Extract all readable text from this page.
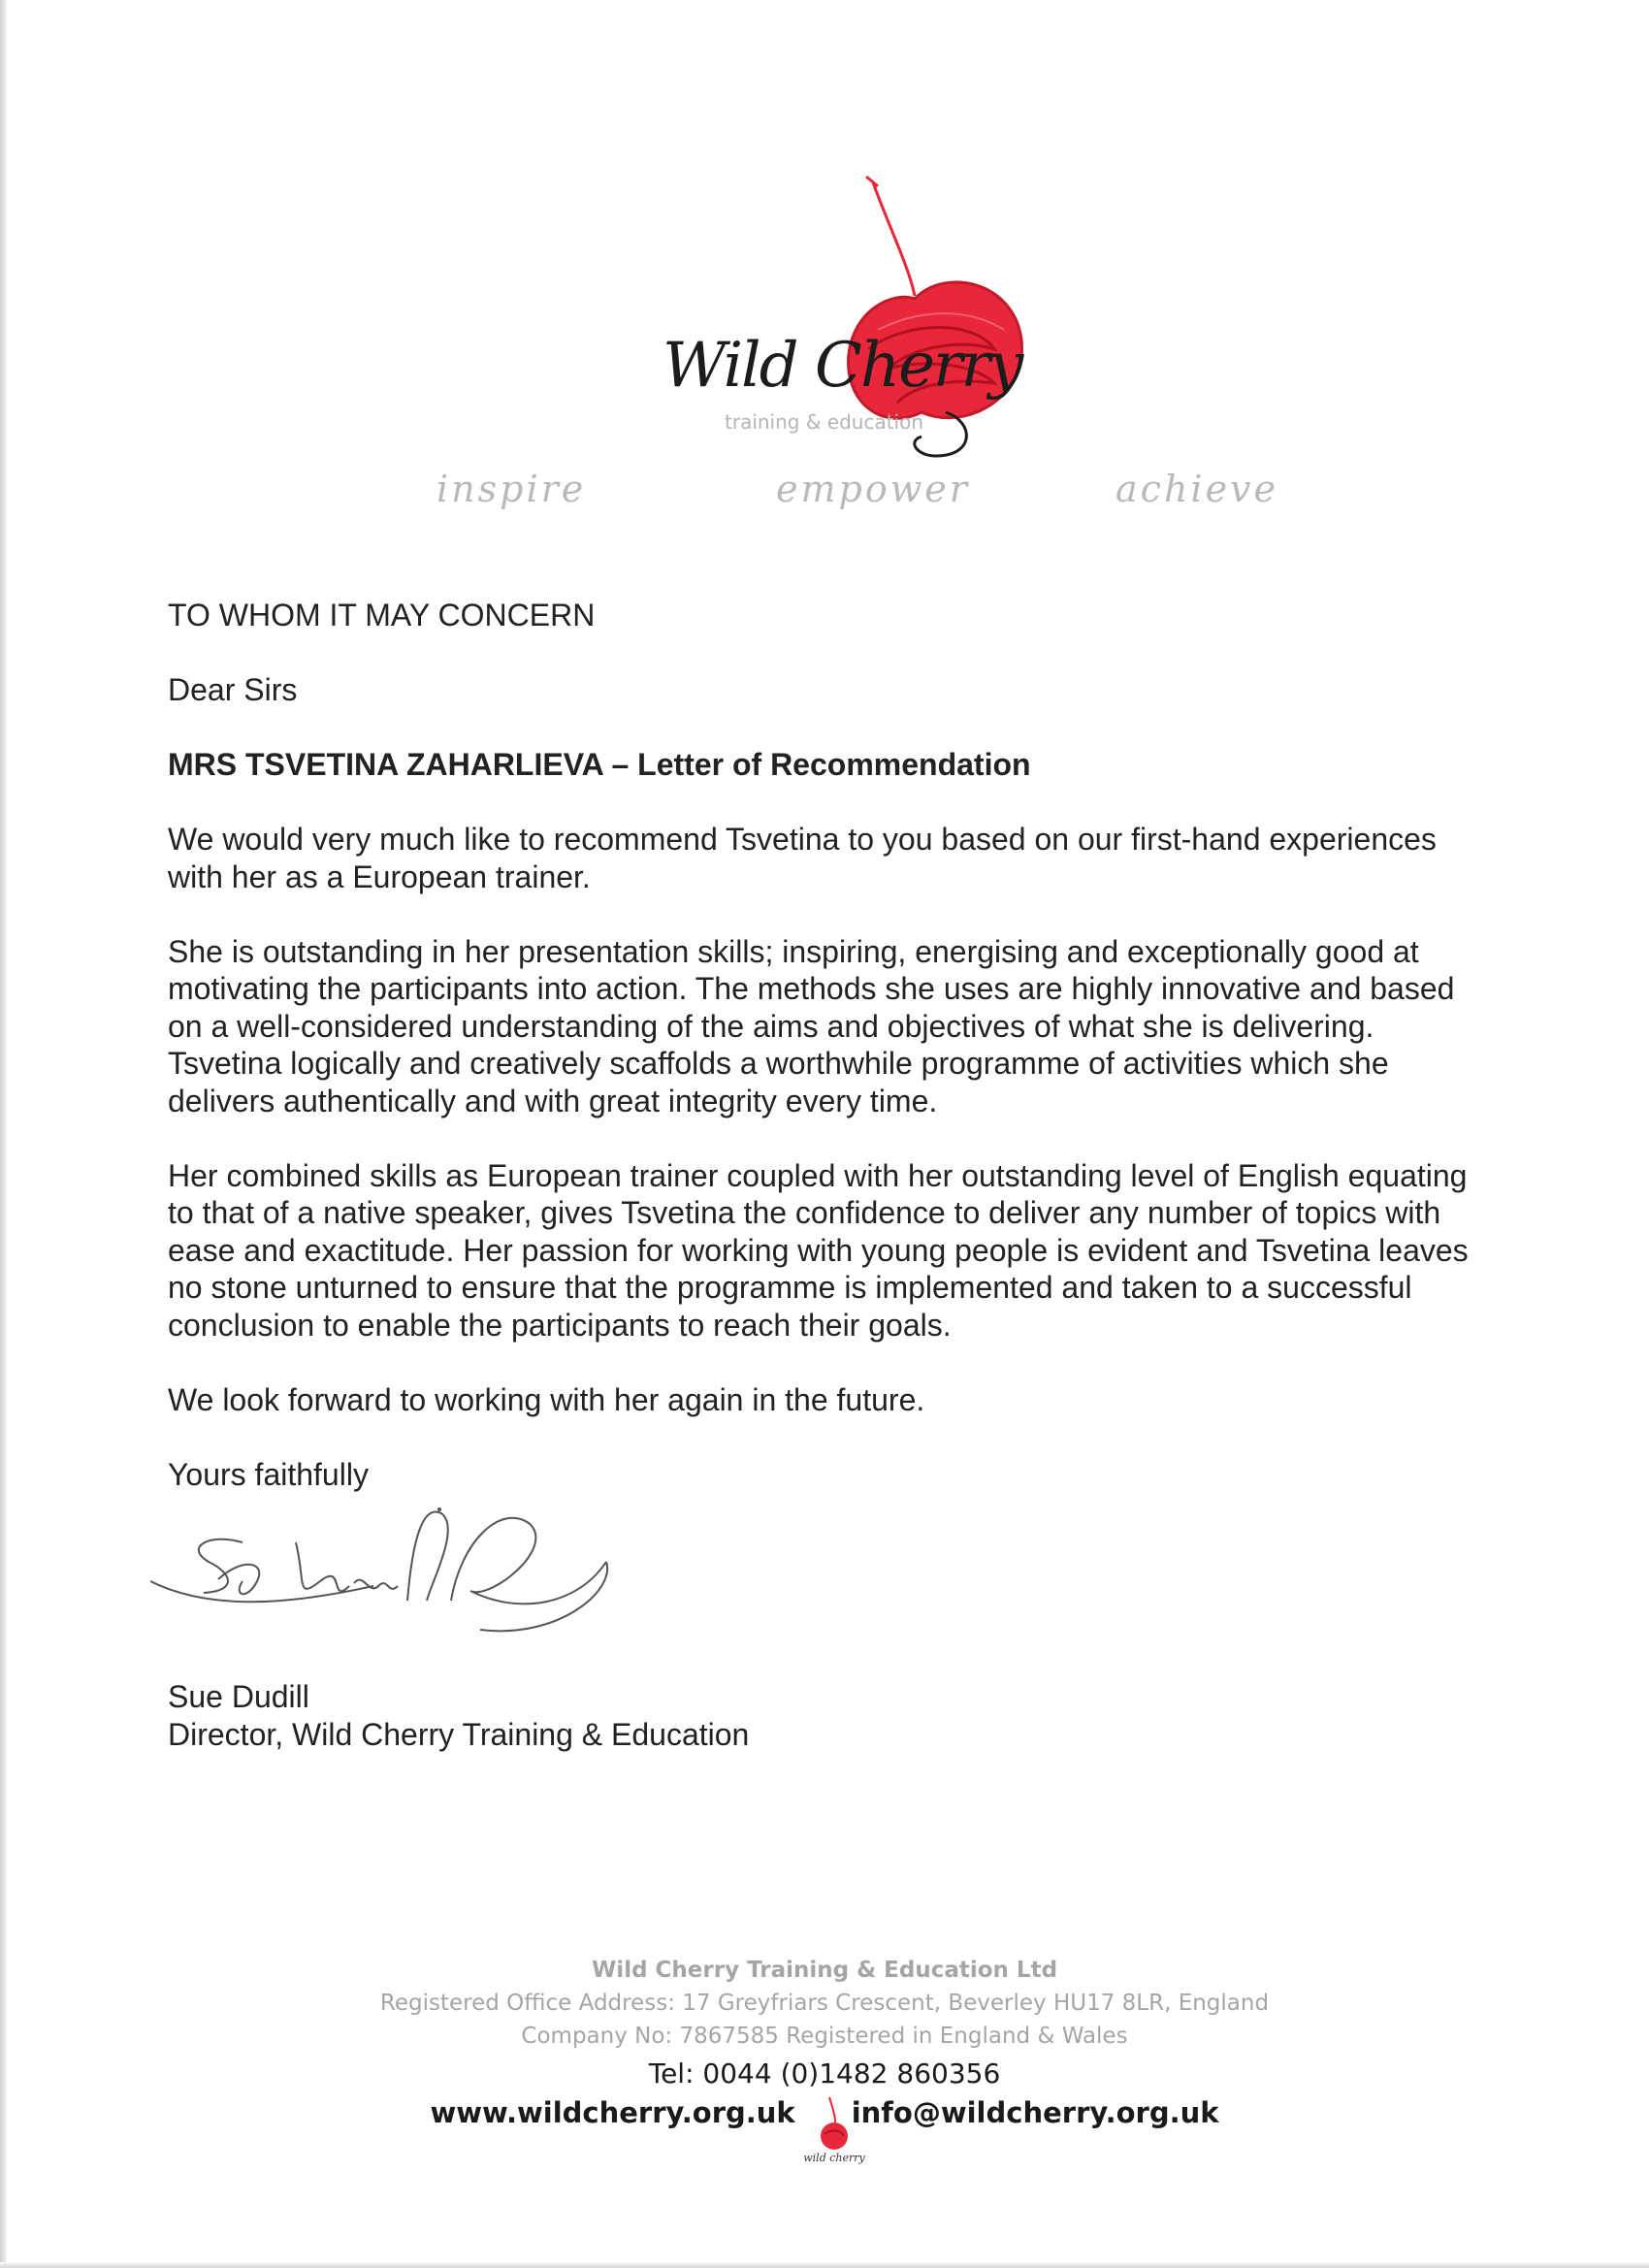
Wild Cherry
training & education
inspire	empower	achieve

TO WHOM IT MAY CONCERN

Dear Sirs

MRS TSVETINA ZAHARLIEVA – Letter of Recommendation

We would very much like to recommend Tsvetina to you based on our first-hand experiences

with her as a European trainer.

She is outstanding in her presentation skills; inspiring, energising and exceptionally good at

motivating the participants into action. The methods she uses are highly innovative and based

on a well-considered understanding of the aims and objectives of what she is delivering.

Tsvetina logically and creatively scaffolds a worthwhile programme of activities which she

delivers authentically and with great integrity every time.

Her combined skills as European trainer coupled with her outstanding level of English equating

to that of a native speaker, gives Tsvetina the confidence to deliver any number of topics with

ease and exactitude. Her passion for working with young people is evident and Tsvetina leaves

no stone unturned to ensure that the programme is implemented and taken to a successful

conclusion to enable the participants to reach their goals.

We look forward to working with her again in the future.

Yours faithfully

Sue Dudill
Director, Wild Cherry Training & Education
Wild Cherry Training & Education Ltd
Registered Office Address: 17 Greyfriars Crescent, Beverley HU17 8LR, England
Company No: 7867585 Registered in England & Wales
Tel: 0044 (0)1482 860356
www.wildcherry.org.uk info@wildcherry.org.uk
wild cherry
